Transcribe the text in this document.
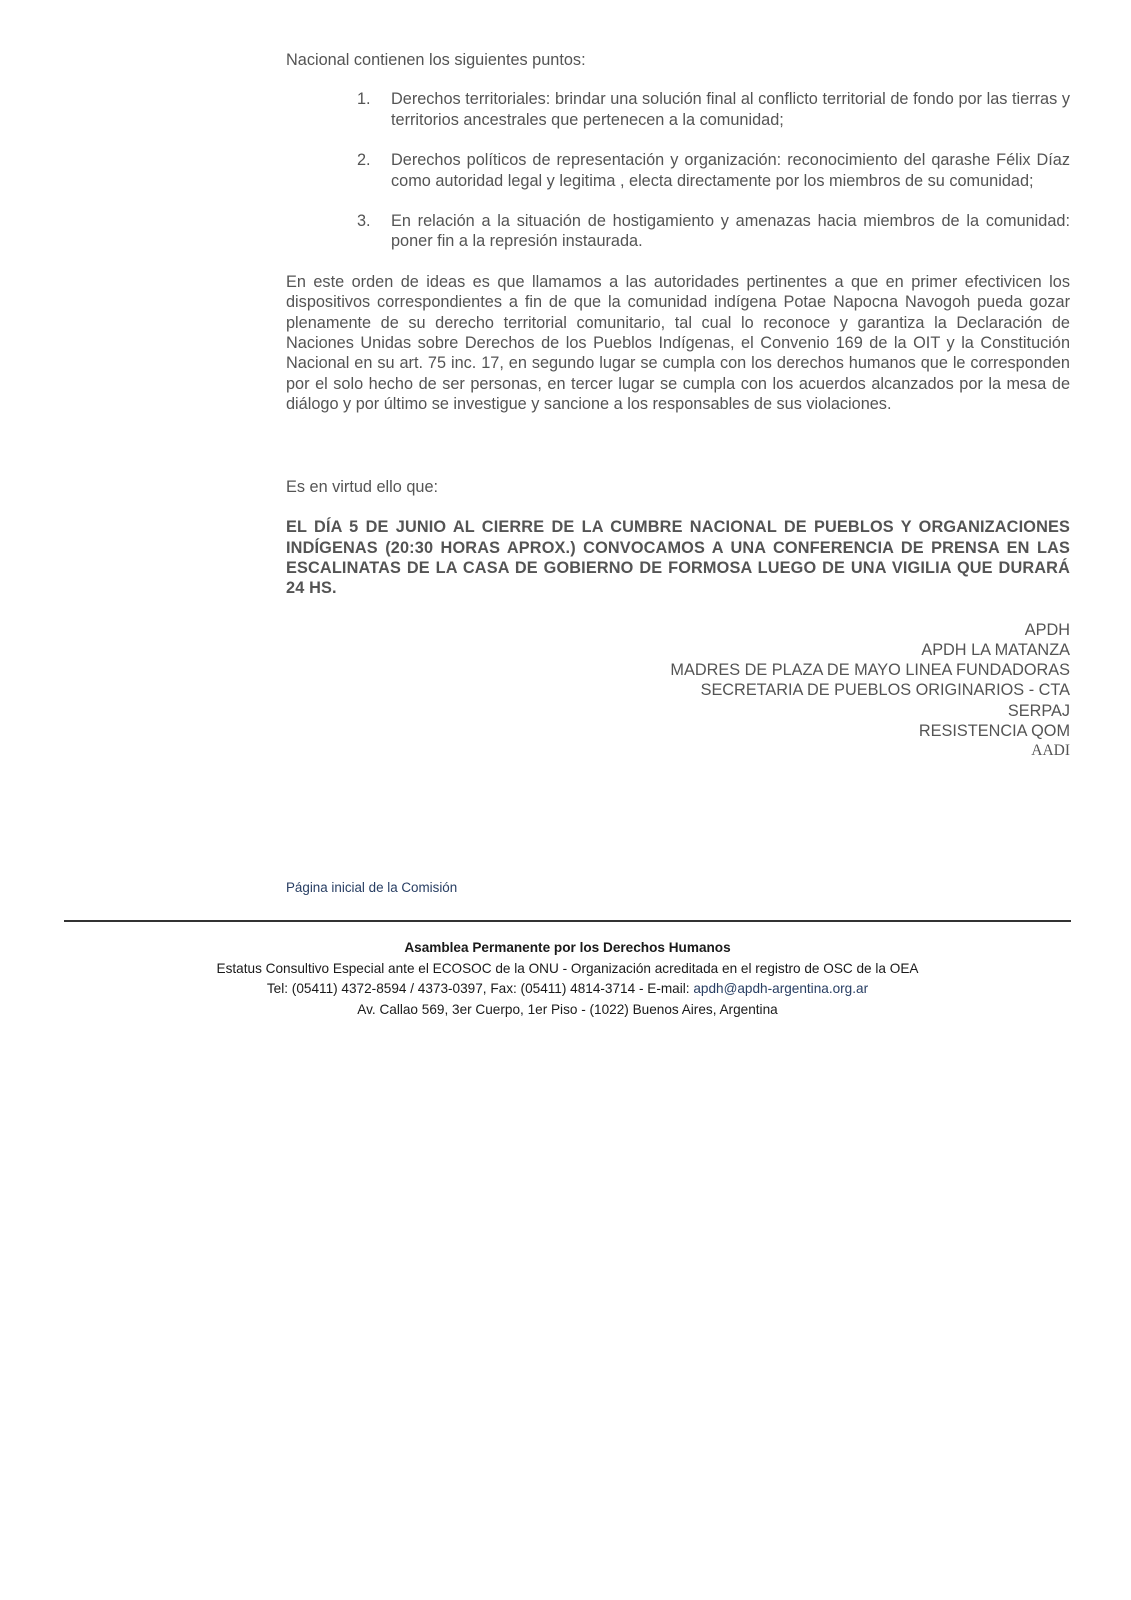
Nacional contienen los siguientes puntos:

1. Derechos territoriales: brindar una solución final al conflicto territorial de fondo por las tierras y territorios ancestrales que pertenecen a la comunidad;
2. Derechos políticos de representación y organización: reconocimiento del qarashe Félix Díaz como autoridad legal y legitima , electa directamente por los miembros de su comunidad;
3. En relación a la situación de hostigamiento y amenazas hacia miembros de la comunidad: poner fin a la represión instaurada.

En este orden de ideas es que llamamos a las autoridades pertinentes a que en primer efectivicen los dispositivos correspondientes a fin de que la comunidad indígena Potae Napocna Navogoh pueda gozar plenamente de su derecho territorial comunitario, tal cual lo reconoce y garantiza la Declaración de Naciones Unidas sobre Derechos de los Pueblos Indígenas, el Convenio 169 de la OIT y la Constitución Nacional en su art. 75 inc. 17, en segundo lugar se cumpla con los derechos humanos que le corresponden por el solo hecho de ser personas, en tercer lugar se cumpla con los acuerdos alcanzados por la mesa de diálogo y por último se investigue y sancione a los responsables de sus violaciones.

Es en virtud ello que:

EL DÍA 5 DE JUNIO AL CIERRE DE LA CUMBRE NACIONAL DE PUEBLOS Y ORGANIZACIONES INDÍGENAS (20:30 HORAS APROX.) CONVOCAMOS A UNA CONFERENCIA DE PRENSA EN LAS ESCALINATAS DE LA CASA DE GOBIERNO DE FORMOSA LUEGO DE UNA VIGILIA QUE DURARÁ 24 HS.

APDH
APDH LA MATANZA
MADRES DE PLAZA DE MAYO LINEA FUNDADORAS
SECRETARIA DE PUEBLOS ORIGINARIOS - CTA
SERPAJ
RESISTENCIA QOM
AADI
Página inicial de la Comisión
Asamblea Permanente por los Derechos Humanos
Estatus Consultivo Especial ante el ECOSOC de la ONU - Organización acreditada en el registro de OSC de la OEA
Tel: (05411) 4372-8594 / 4373-0397, Fax: (05411) 4814-3714 - E-mail: apdh@apdh-argentina.org.ar
Av. Callao 569, 3er Cuerpo, 1er Piso - (1022) Buenos Aires, Argentina
